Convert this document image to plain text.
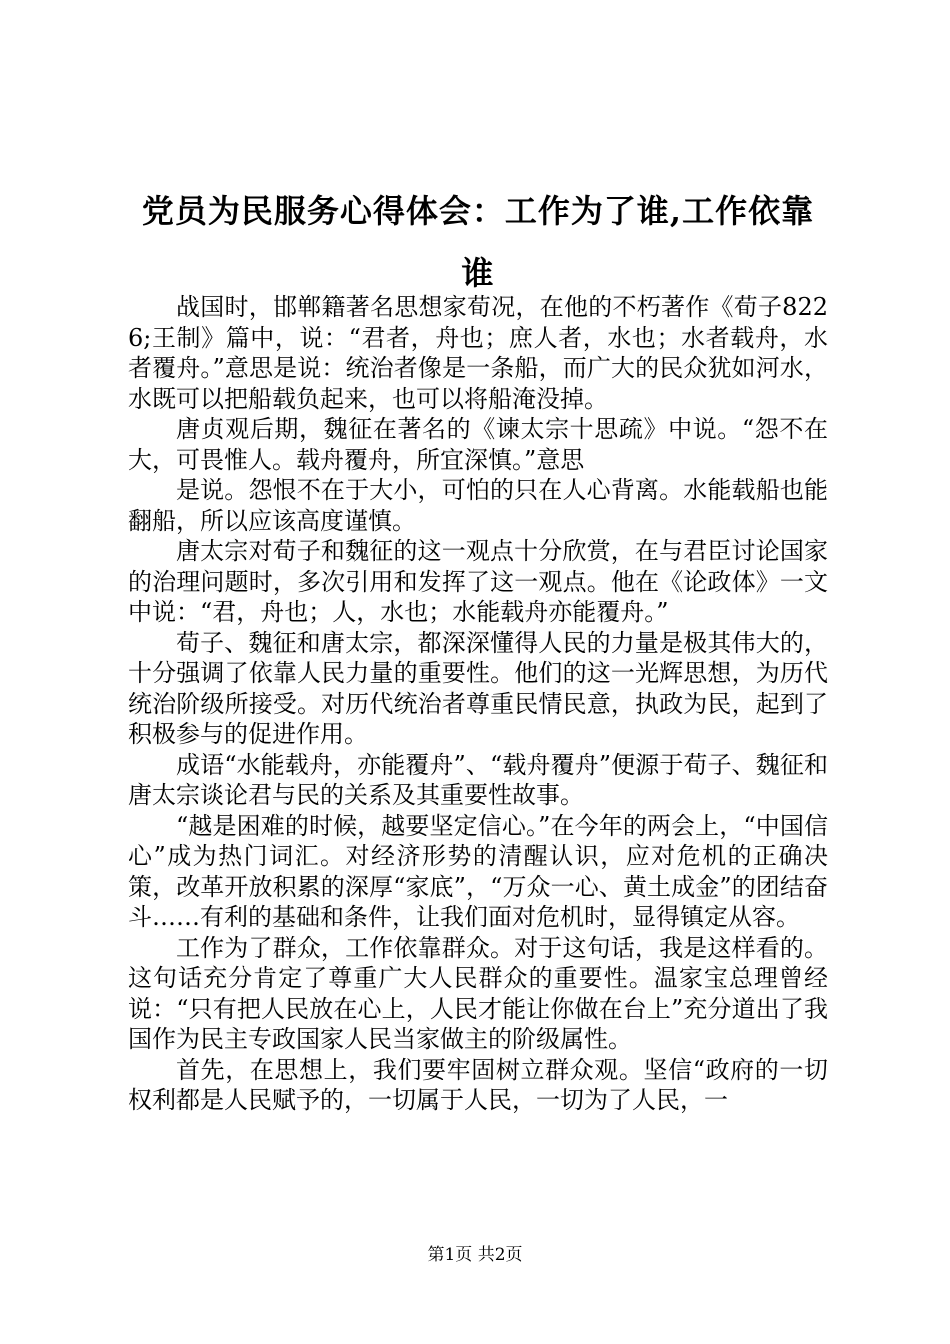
党员为民服务心得体会：工作为了谁,工作依靠谁

战国时，邯郸籍著名思想家荀况，在他的不朽著作《荀子8226;王制》篇中，说：“君者，舟也；庶人者，水也；水者载舟，水者覆舟。”意思是说：统治者像是一条船，而广大的民众犹如河水，水既可以把船载负起来，也可以将船淹没掉。

唐贞观后期，魏征在著名的《谏太宗十思疏》中说。“怨不在大，可畏惟人。载舟覆舟，所宜深慎。”意思

是说。怨恨不在于大小，可怕的只在人心背离。水能载船也能翻船，所以应该高度谨慎。

唐太宗对荀子和魏征的这一观点十分欣赏，在与君臣讨论国家的治理问题时，多次引用和发挥了这一观点。他在《论政体》一文中说：“君，舟也；人，水也；水能载舟亦能覆舟。”

荀子、魏征和唐太宗，都深深懂得人民的力量是极其伟大的，十分强调了依靠人民力量的重要性。他们的这一光辉思想，为历代统治阶级所接受。对历代统治者尊重民情民意，执政为民，起到了积极参与的促进作用。

成语“水能载舟，亦能覆舟”、“载舟覆舟”便源于荀子、魏征和唐太宗谈论君与民的关系及其重要性故事。

“越是困难的时候，越要坚定信心。”在今年的两会上，“中国信心”成为热门词汇。对经济形势的清醒认识，应对危机的正确决策，改革开放积累的深厚“家底”，“万众一心、黄土成金”的团结奋斗……有利的基础和条件，让我们面对危机时，显得镇定从容。

工作为了群众，工作依靠群众。对于这句话，我是这样看的。这句话充分肯定了尊重广大人民群众的重要性。温家宝总理曾经说：“只有把人民放在心上，人民才能让你做在台上”充分道出了我国作为民主专政国家人民当家做主的阶级属性。

首先，在思想上，我们要牢固树立群众观。坚信“政府的一切权利都是人民赋予的，一切属于人民，一切为了人民，一

第1页 共2页
